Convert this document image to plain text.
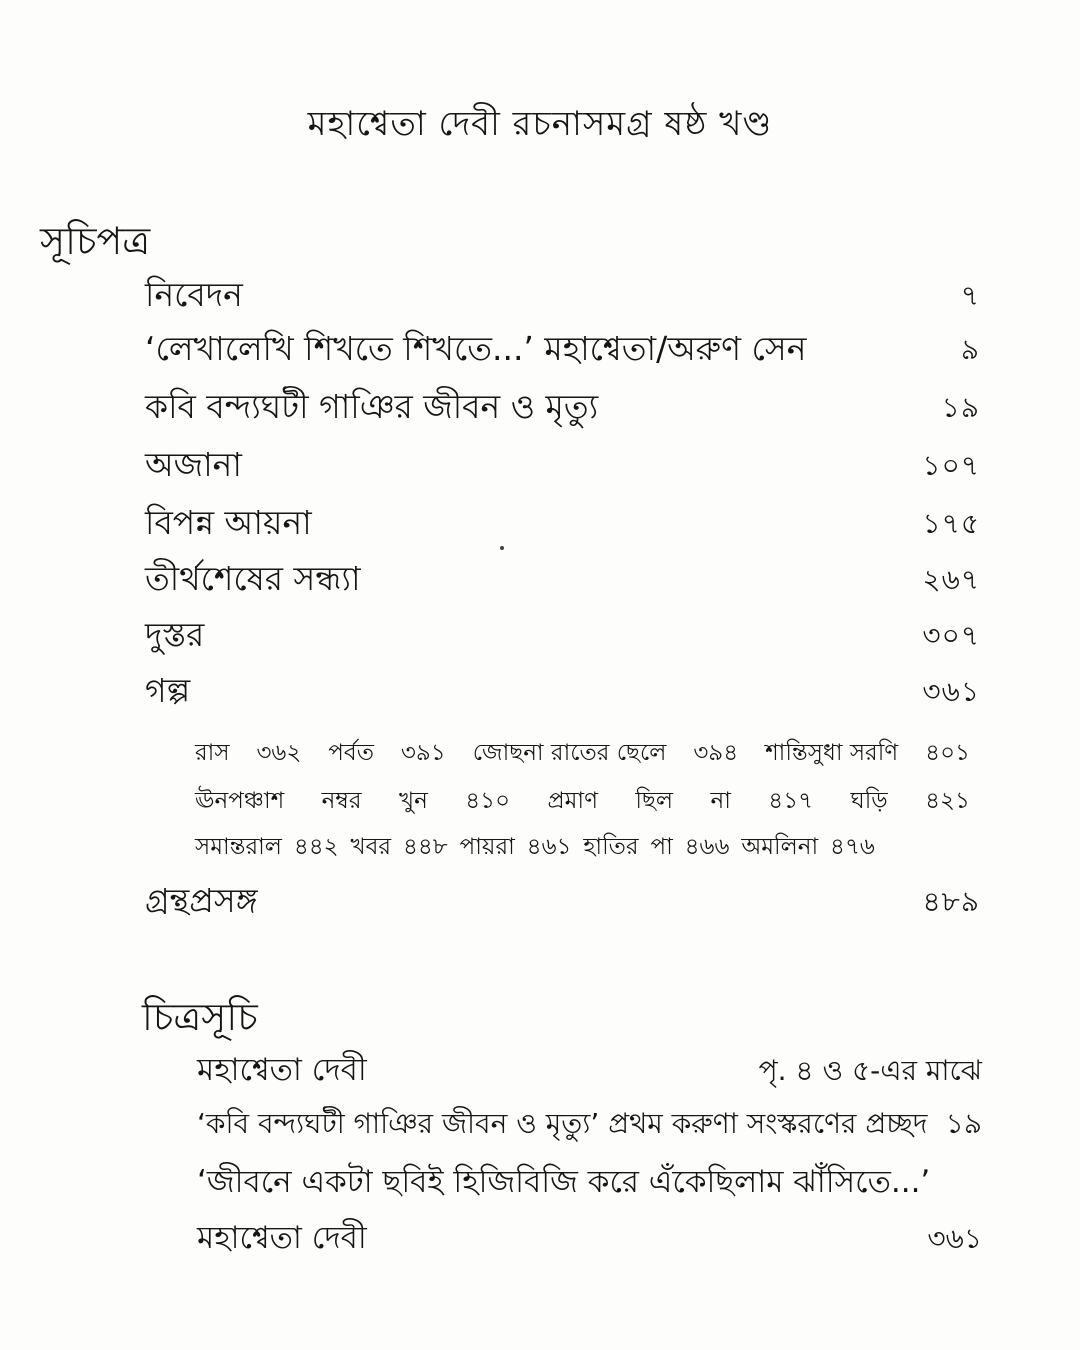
মহাশ্বেতা দেবী রচনাসমগ্র ষষ্ঠ খণ্ড
সূচিপত্র
নিবেদন	৭
‘লেখালেখি শিখতে শিখতে...’ মহাশ্বেতা/অরুণ সেন	৯
কবি বন্দ্যঘটী গাঞির জীবন ও মৃত্যু	১৯
অজানা	১০৭
বিপন্ন আয়না	১৭৫
তীর্থশেষের সন্ধ্যা	২৬৭
দুস্তর	৩০৭
গল্প	৩৬১
রাস ৩৬২ পর্বত ৩৯১ জোছনা রাতের ছেলে ৩৯৪ শান্তিসুধা সরণি ৪০১
ঊনপঞ্চাশ নম্বর খুন ৪১০ প্রমাণ ছিল না ৪১৭ ঘড়ি ৪২১
সমান্তরাল ৪৪২ খবর ৪৪৮ পায়রা ৪৬১ হাতির পা ৪৬৬ অমলিনা ৪৭৬
গ্রন্থপ্রসঙ্গ	৪৮৯
চিত্রসূচি
মহাশ্বেতা দেবী	পৃ. ৪ ও ৫-এর মাঝে
‘কবি বন্দ্যঘটী গাঞির জীবন ও মৃত্যু’ প্রথম করুণা সংস্করণের প্রচ্ছদ ১৯
‘জীবনে একটা ছবিই হিজিবিজি করে এঁকেছিলাম ঝাঁসিতে...’
মহাশ্বেতা দেবী	৩৬১
